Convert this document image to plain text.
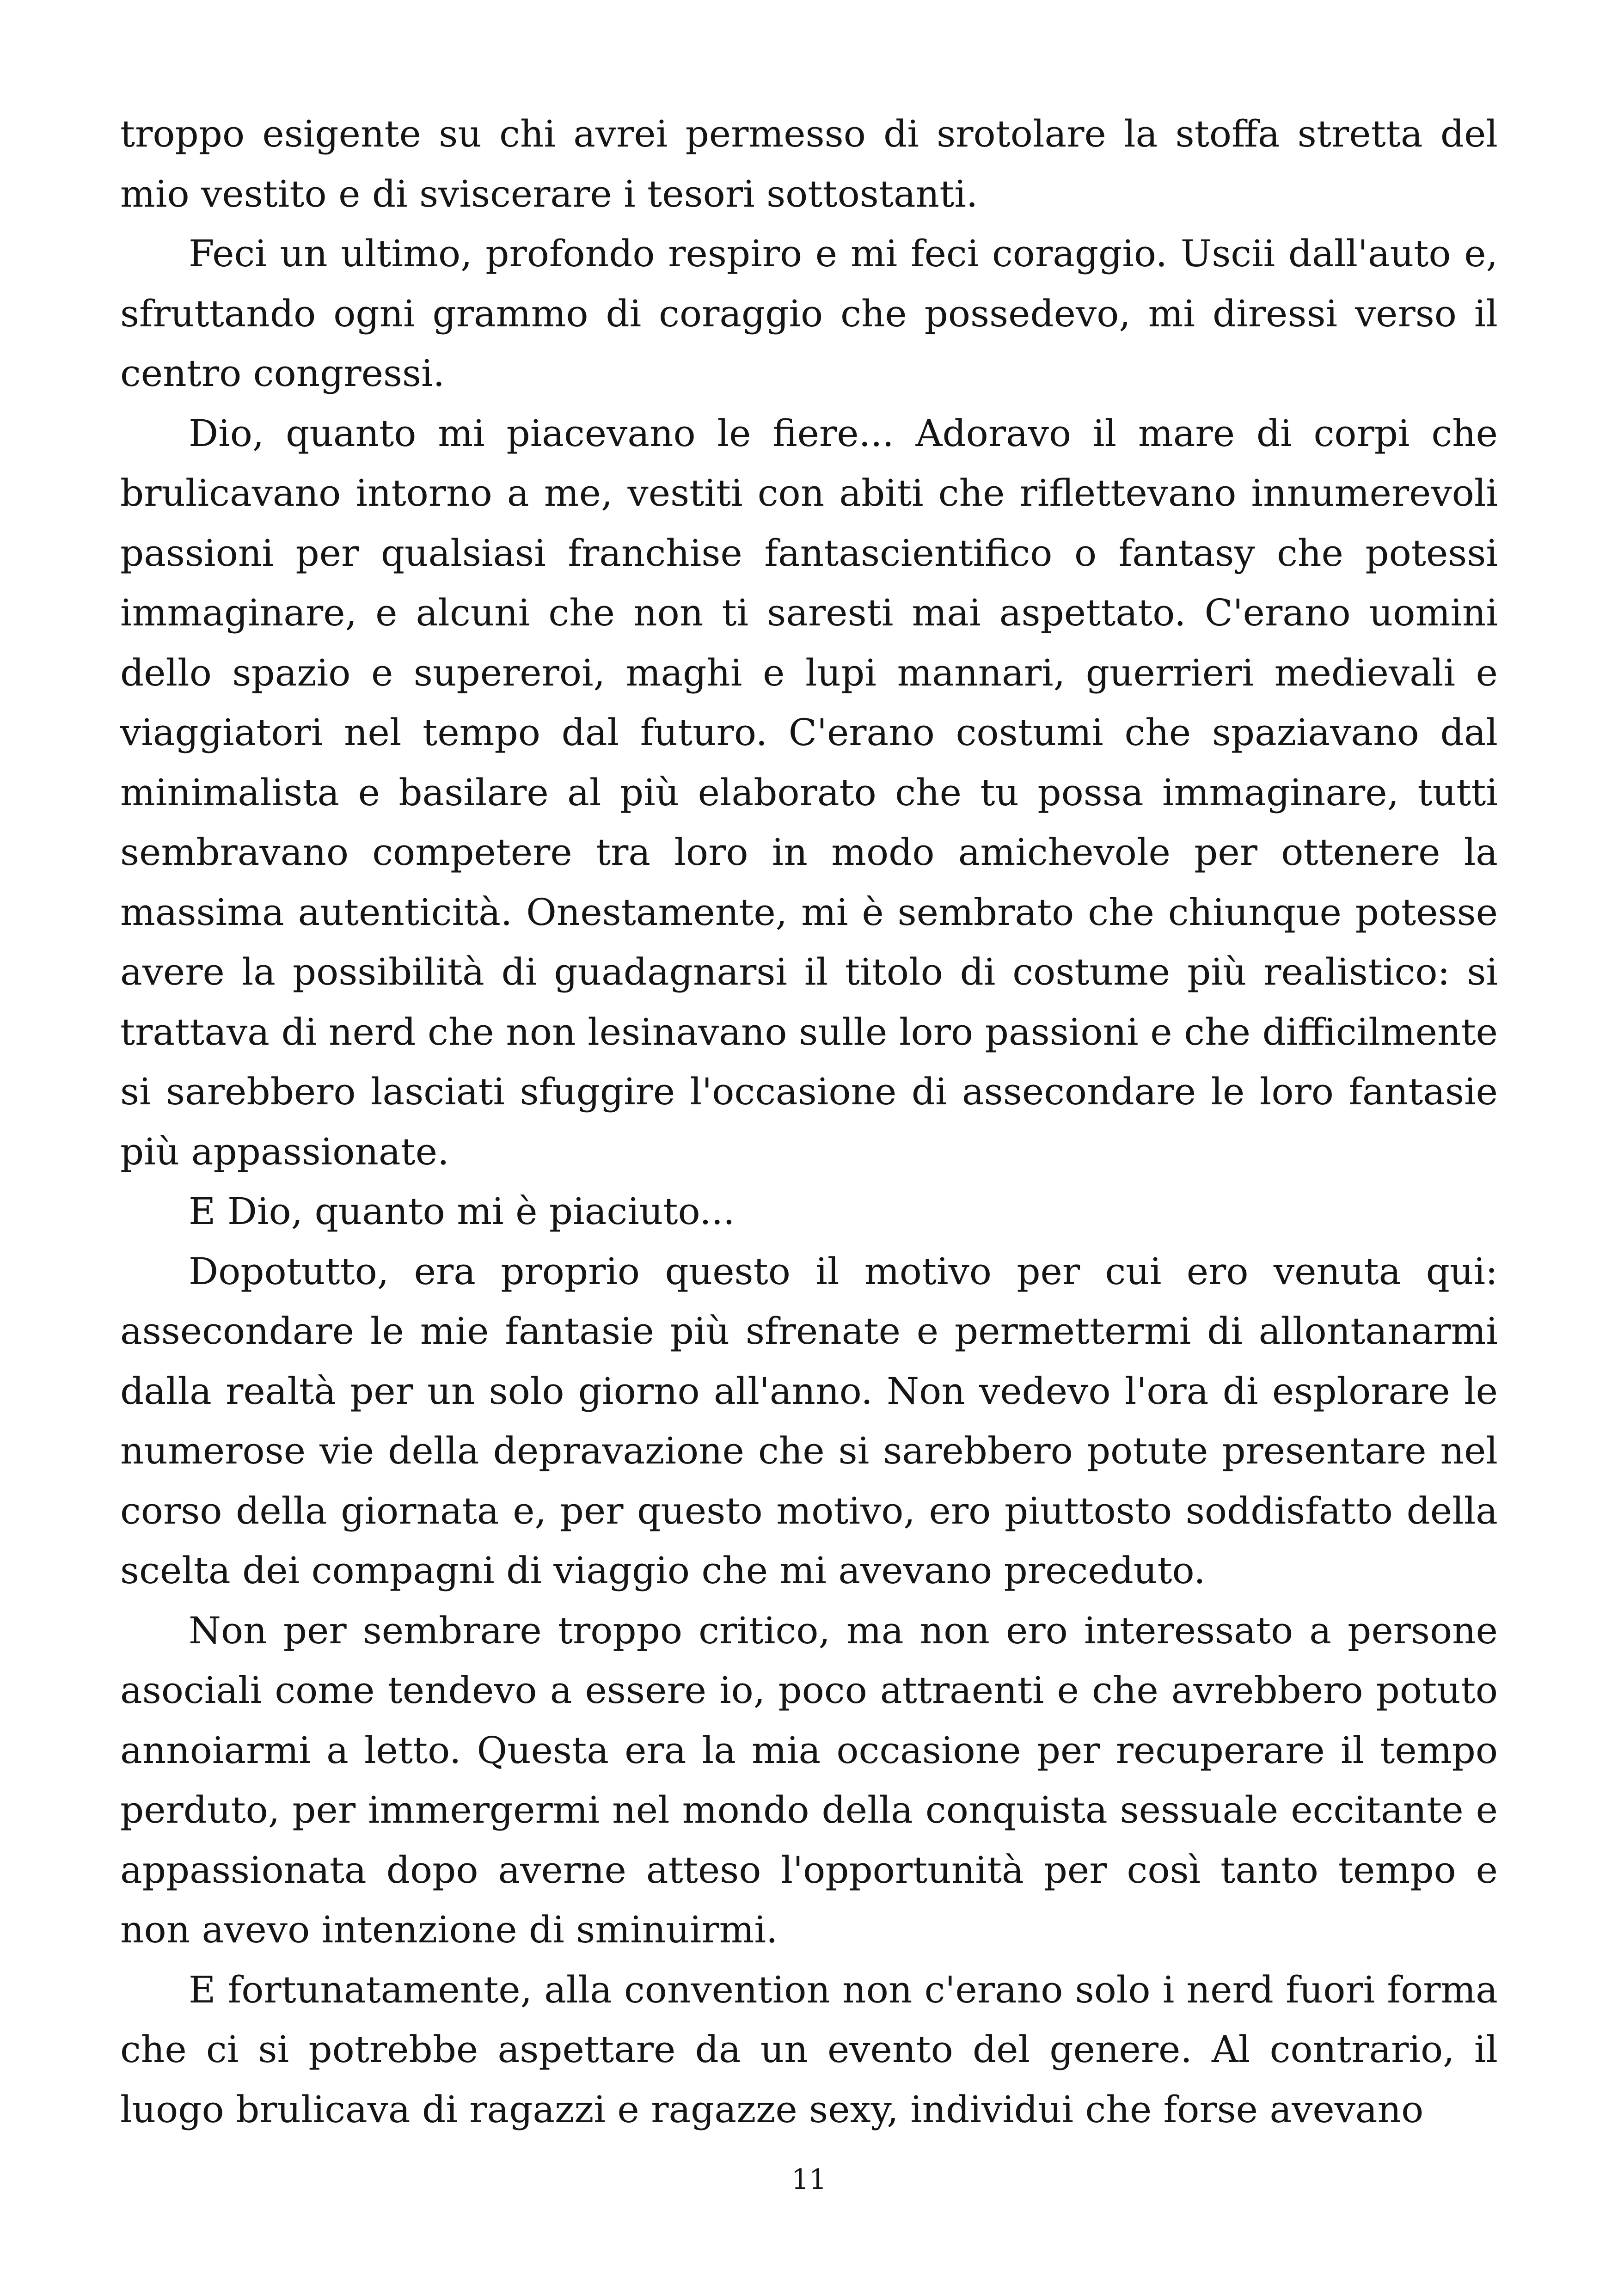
troppo esigente su chi avrei permesso di srotolare la stoffa stretta del mio vestito e di sviscerare i tesori sottostanti.

Feci un ultimo, profondo respiro e mi feci coraggio. Uscii dall'auto e, sfruttando ogni grammo di coraggio che possedevo, mi diressi verso il centro congressi.

Dio, quanto mi piacevano le fiere... Adoravo il mare di corpi che brulicavano intorno a me, vestiti con abiti che riflettevano innumerevoli passioni per qualsiasi franchise fantascientifico o fantasy che potessi immaginare, e alcuni che non ti saresti mai aspettato. C'erano uomini dello spazio e supereroi, maghi e lupi mannari, guerrieri medievali e viaggiatori nel tempo dal futuro. C'erano costumi che spaziavano dal minimalista e basilare al più elaborato che tu possa immaginare, tutti sembravano competere tra loro in modo amichevole per ottenere la massima autenticità. Onestamente, mi è sembrato che chiunque potesse avere la possibilità di guadagnarsi il titolo di costume più realistico: si trattava di nerd che non lesinavano sulle loro passioni e che difficilmente si sarebbero lasciati sfuggire l'occasione di assecondare le loro fantasie più appassionate.

E Dio, quanto mi è piaciuto...

Dopotutto, era proprio questo il motivo per cui ero venuta qui: assecondare le mie fantasie più sfrenate e permettermi di allontanarmi dalla realtà per un solo giorno all'anno. Non vedevo l'ora di esplorare le numerose vie della depravazione che si sarebbero potute presentare nel corso della giornata e, per questo motivo, ero piuttosto soddisfatto della scelta dei compagni di viaggio che mi avevano preceduto.

Non per sembrare troppo critico, ma non ero interessato a persone asociali come tendevo a essere io, poco attraenti e che avrebbero potuto annoiarmi a letto. Questa era la mia occasione per recuperare il tempo perduto, per immergermi nel mondo della conquista sessuale eccitante e appassionata dopo averne atteso l'opportunità per così tanto tempo e non avevo intenzione di sminuirmi.

E fortunatamente, alla convention non c'erano solo i nerd fuori forma che ci si potrebbe aspettare da un evento del genere. Al contrario, il luogo brulicava di ragazzi e ragazze sexy, individui che forse avevano

11
